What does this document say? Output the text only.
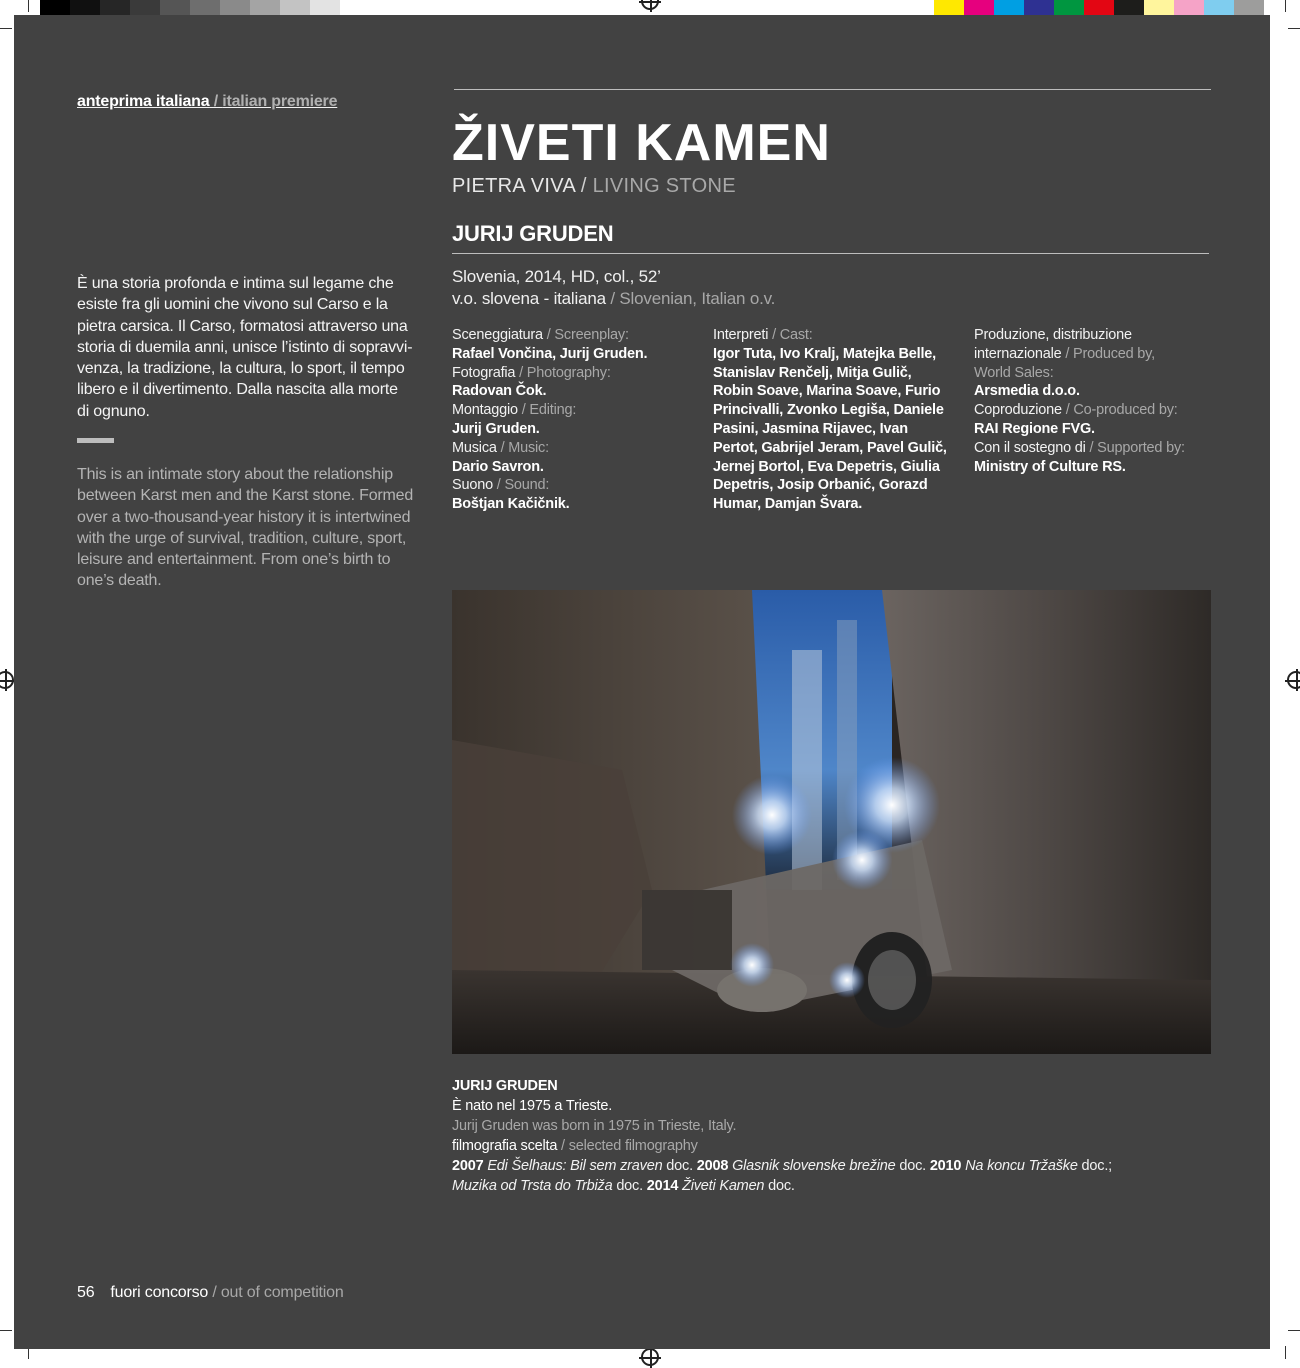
anteprima italiana / italian premiere
ŽIVETI KAMEN
PIETRA VIVA / LIVING STONE
JURIJ GRUDEN
Slovenia, 2014, HD, col., 52’
v.o. slovena - italiana / Slovenian, Italian o.v.
Sceneggiatura / Screenplay:
Rafael Vončina, Jurij Gruden.
Fotografia / Photography:
Radovan Čok.
Montaggio / Editing:
Jurij Gruden.
Musica / Music:
Dario Savron.
Suono / Sound:
Boštjan Kačičnik.
Interpreti / Cast:
Igor Tuta, Ivo Kralj, Matejka Belle,
Stanislav Renčelj, Mitja Gulič,
Robin Soave, Marina Soave, Furio
Princivalli, Zvonko Legiša, Daniele
Pasini, Jasmina Rijavec, Ivan
Pertot, Gabrijel Jeram, Pavel Gulič,
Jernej Bortol, Eva Depetris, Giulia
Depetris, Josip Orbanić, Gorazd
Humar, Damjan Švara.
Produzione, distribuzione
internazionale / Produced by,
World Sales:
Arsmedia d.o.o.
Coproduzione / Co-produced by:
RAI Regione FVG.
Con il sostegno di / Supported by:
Ministry of Culture RS.
È una storia profonda e intima sul legame che
esiste fra gli uomini che vivono sul Carso e la
pietra carsica. Il Carso, formatosi attraverso una
storia di duemila anni, unisce l’istinto di sopravvi-
venza, la tradizione, la cultura, lo sport, il tempo
libero e il divertimento. Dalla nascita alla morte
di ognuno.
This is an intimate story about the relationship
between Karst men and the Karst stone. Formed
over a two-thousand-year history it is intertwined
with the urge of survival, tradition, culture, sport,
leisure and entertainment. From one’s birth to
one’s death.
JURIJ GRUDEN
È nato nel 1975 a Trieste.
Jurij Gruden was born in 1975 in Trieste, Italy.
filmografia scelta / selected filmography
2007 Edi Šelhaus: Bil sem zraven doc. 2008 Glasnik slovenske brežine doc. 2010 Na koncu Tržaške doc.;
Muzika od Trsta do Trbiža doc. 2014 Živeti Kamen doc.
56 fuori concorso / out of competition
